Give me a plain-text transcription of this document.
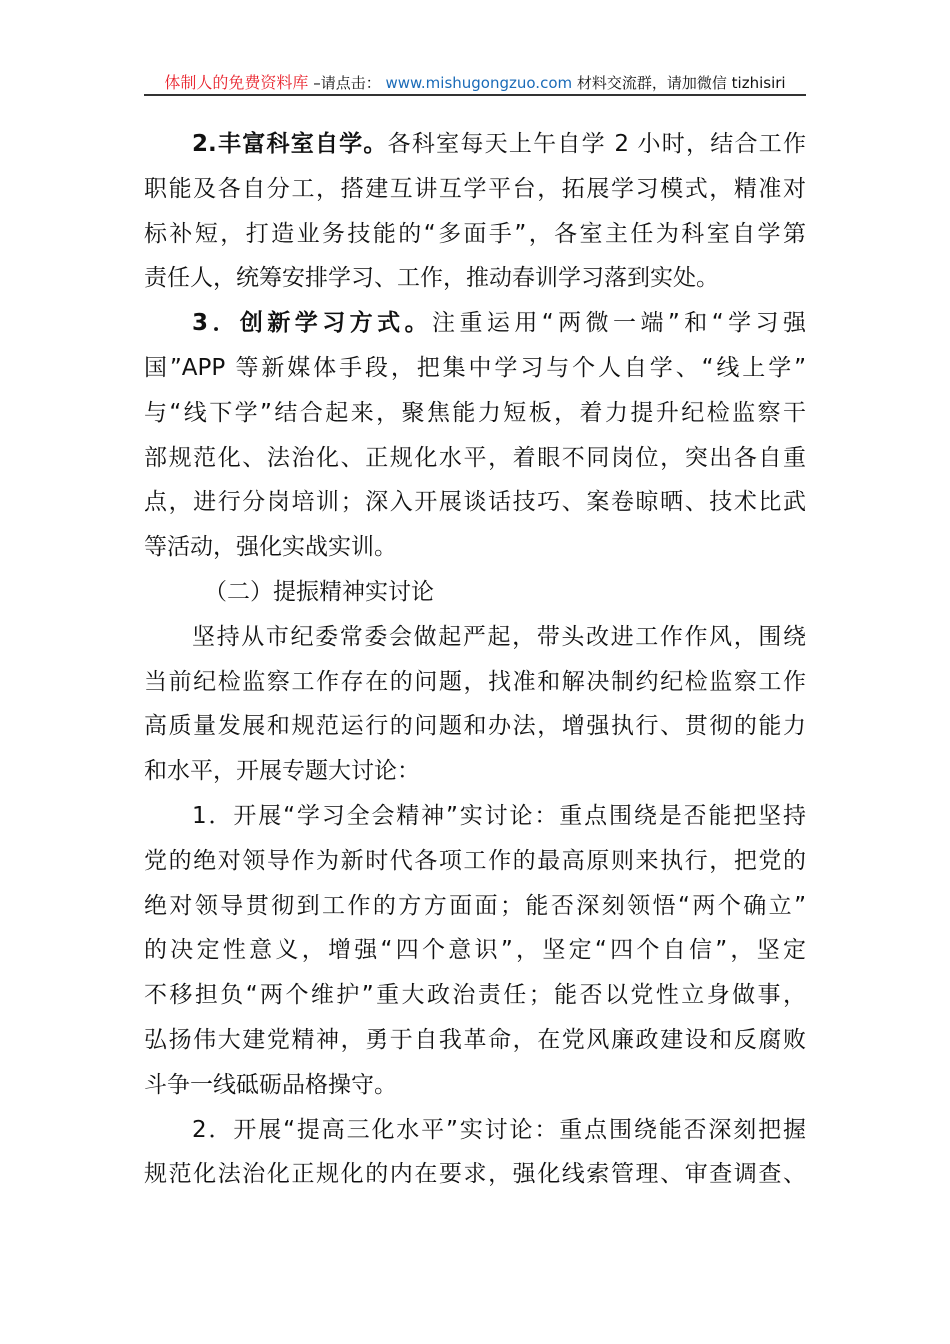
体制人的免费资料库 –请点击： www.mishugongzuo.com 材料交流群，请加微信 tizhisiri
2.丰富科室自学。各科室每天上午自学 2 小时，结合工作
职能及各自分工，搭建互讲互学平台，拓展学习模式，精准对
标补短，打造业务技能的“多面手”，各室主任为科室自学第
责任人，统筹安排学习、工作，推动春训学习落到实处。
3．创新学习方式。注重运用“两微一端”和“学习强
国”APP 等新媒体手段，把集中学习与个人自学、“线上学”
与“线下学”结合起来，聚焦能力短板，着力提升纪检监察干
部规范化、法治化、正规化水平，着眼不同岗位，突出各自重
点，进行分岗培训；深入开展谈话技巧、案卷晾晒、技术比武
等活动，强化实战实训。
（二）提振精神实讨论
坚持从市纪委常委会做起严起，带头改进工作作风，围绕
当前纪检监察工作存在的问题，找准和解决制约纪检监察工作
高质量发展和规范运行的问题和办法，增强执行、贯彻的能力
和水平，开展专题大讨论：
1．开展“学习全会精神”实讨论：重点围绕是否能把坚持
党的绝对领导作为新时代各项工作的最高原则来执行，把党的
绝对领导贯彻到工作的方方面面；能否深刻领悟“两个确立”
的决定性意义，增强“四个意识”，坚定“四个自信”，坚定
不移担负“两个维护”重大政治责任；能否以党性立身做事，
弘扬伟大建党精神，勇于自我革命，在党风廉政建设和反腐败
斗争一线砥砺品格操守。
2．开展“提高三化水平”实讨论：重点围绕能否深刻把握
规范化法治化正规化的内在要求，强化线索管理、审查调查、
